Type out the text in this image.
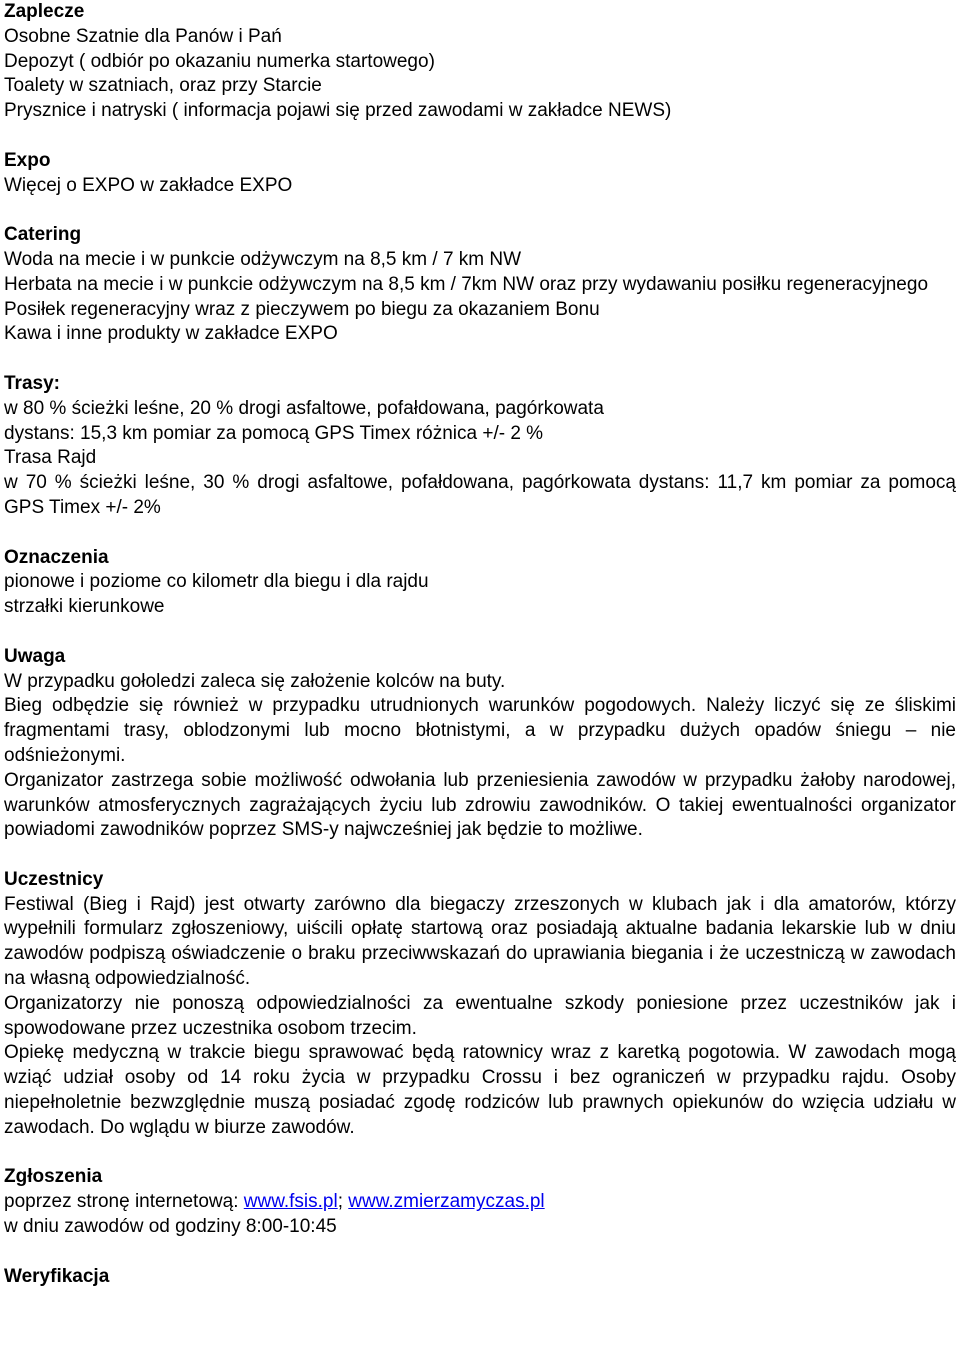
Zaplecze

Osobne Szatnie dla Panów i Pań

Depozyt ( odbiór po okazaniu numerka startowego)

Toalety w szatniach, oraz przy Starcie

Prysznice i natryski ( informacja pojawi się przed zawodami w zakładce NEWS)

Expo

Więcej o EXPO w zakładce EXPO

Catering

Woda na mecie i w punkcie odżywczym na 8,5 km / 7 km NW

Herbata na mecie i w punkcie odżywczym na 8,5 km / 7km NW oraz przy wydawaniu posiłku regeneracyjnego

Posiłek regeneracyjny wraz z pieczywem po biegu za okazaniem Bonu

Kawa i inne produkty w zakładce EXPO

Trasy:

w 80 % ścieżki leśne, 20 % drogi asfaltowe, pofałdowana, pagórkowata

dystans: 15,3 km pomiar za pomocą GPS Timex różnica +/- 2 %

Trasa Rajd

w 70 % ścieżki leśne, 30 % drogi asfaltowe, pofałdowana, pagórkowata dystans: 11,7 km pomiar za pomocą GPS Timex +/- 2%

Oznaczenia

pionowe i poziome co kilometr dla biegu i dla rajdu

strzałki kierunkowe

Uwaga

W przypadku gołoledzi zaleca się założenie kolców na buty.

Bieg odbędzie się również w przypadku utrudnionych warunków pogodowych. Należy liczyć się ze śliskimi fragmentami trasy, oblodzonymi lub mocno błotnistymi, a w przypadku dużych opadów śniegu – nie odśnieżonymi.

Organizator zastrzega sobie możliwość odwołania lub przeniesienia zawodów w przypadku żałoby narodowej, warunków atmosferycznych zagrażających życiu lub zdrowiu zawodników. O takiej ewentualności organizator powiadomi zawodników poprzez SMS-y najwcześniej jak będzie to możliwe.

Uczestnicy

Festiwal (Bieg i Rajd) jest otwarty zarówno dla biegaczy zrzeszonych w klubach jak i dla amatorów, którzy wypełnili formularz zgłoszeniowy, uiścili opłatę startową oraz posiadają aktualne badania lekarskie lub w dniu zawodów podpiszą oświadczenie o braku przeciwwskazań do uprawiania biegania i że uczestniczą w zawodach na własną odpowiedzialność.

Organizatorzy nie ponoszą odpowiedzialności za ewentualne szkody poniesione przez uczestników jak i spowodowane przez uczestnika osobom trzecim.

Opiekę medyczną w trakcie biegu sprawować będą ratownicy wraz z karetką pogotowia. W zawodach mogą wziąć udział osoby od 14 roku życia w przypadku Crossu i bez ograniczeń w przypadku rajdu. Osoby niepełnoletnie bezwzględnie muszą posiadać zgodę rodziców lub prawnych opiekunów do wzięcia udziału w zawodach. Do wglądu w biurze zawodów.

Zgłoszenia

poprzez stronę internetową: www.fsis.pl; www.zmierzamyczas.pl

w dniu zawodów od godziny 8:00-10:45

Weryfikacja
